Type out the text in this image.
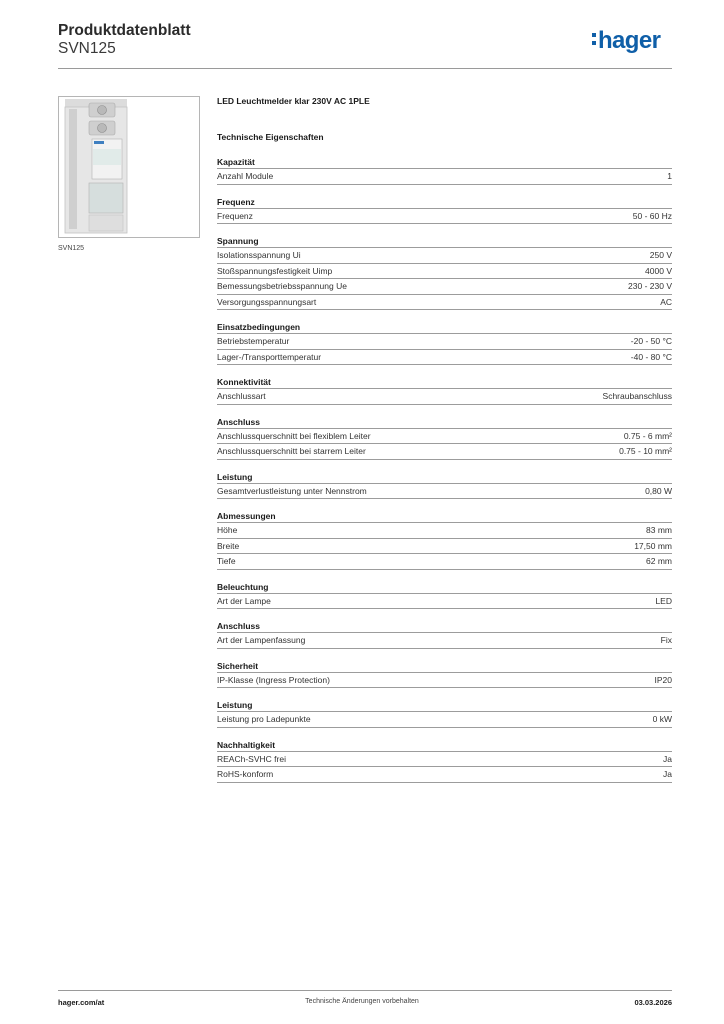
Produktdatenblatt
SVN125	hager
SVN125
LED Leuchtmelder klar 230V AC 1PLE
Technische Eigenschaften
Kapazität
Anzahl Module	1
Frequenz
Frequenz	50 - 60 Hz
Spannung
Isolationsspannung Ui	250 V
Stoßspannungsfestigkeit Uimp	4000 V
Bemessungsbetriebsspannung Ue	230 - 230 V
Versorgungsspannungsart	AC
Einsatzbedingungen
Betriebstemperatur	-20 - 50 °C
Lager-/Transporttemperatur	-40 - 80 °C
Konnektivität
Anschlussart	Schraubanschluss
Anschluss
Anschlussquerschnitt bei flexiblem Leiter	0.75 - 6 mm²
Anschlussquerschnitt bei starrem Leiter	0.75 - 10 mm²
Leistung
Gesamtverlustleistung unter Nennstrom	0,80 W
Abmessungen
Höhe	83 mm
Breite	17,50 mm
Tiefe	62 mm
Beleuchtung
Art der Lampe	LED
Anschluss
Art der Lampenfassung	Fix
Sicherheit
IP-Klasse (Ingress Protection)	IP20
Leistung
Leistung pro Ladepunkte	0 kW
Nachhaltigkeit
REACh-SVHC frei	Ja
RoHS-konform	Ja
hager.com/at	Technische Änderungen vorbehalten	03.03.2026
